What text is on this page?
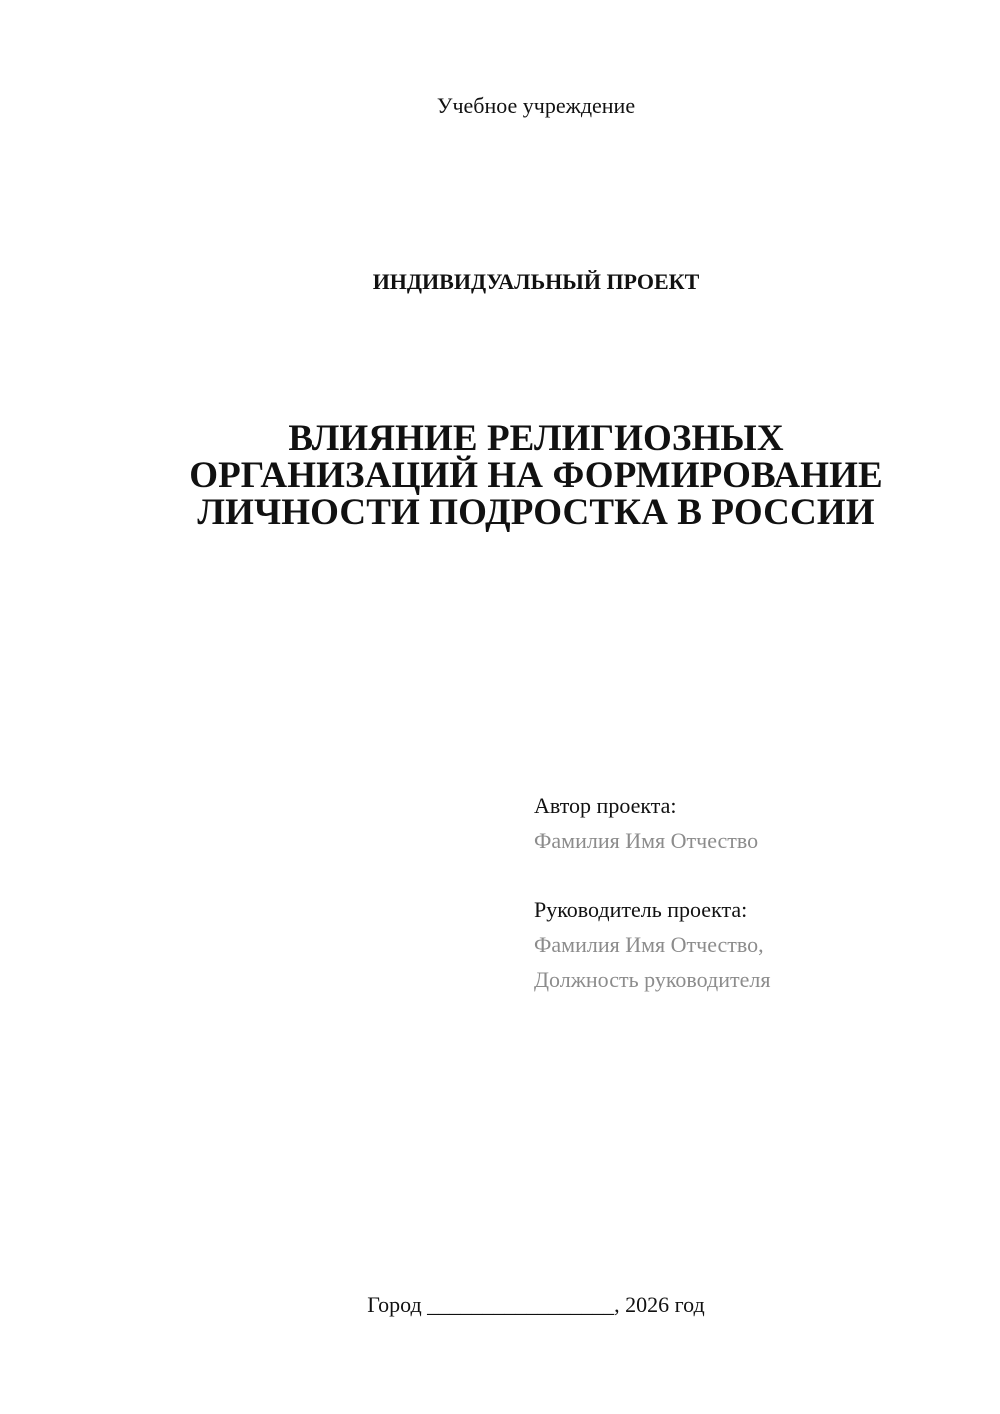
Учебное учреждение
ИНДИВИДУАЛЬНЫЙ ПРОЕКТ
ВЛИЯНИЕ РЕЛИГИОЗНЫХ
ОРГАНИЗАЦИЙ НА ФОРМИРОВАНИЕ
ЛИЧНОСТИ ПОДРОСТКА В РОССИИ
Автор проекта:
Фамилия Имя Отчество
Руководитель проекта:
Фамилия Имя Отчество,
Должность руководителя
Город _________________, 2026 год
